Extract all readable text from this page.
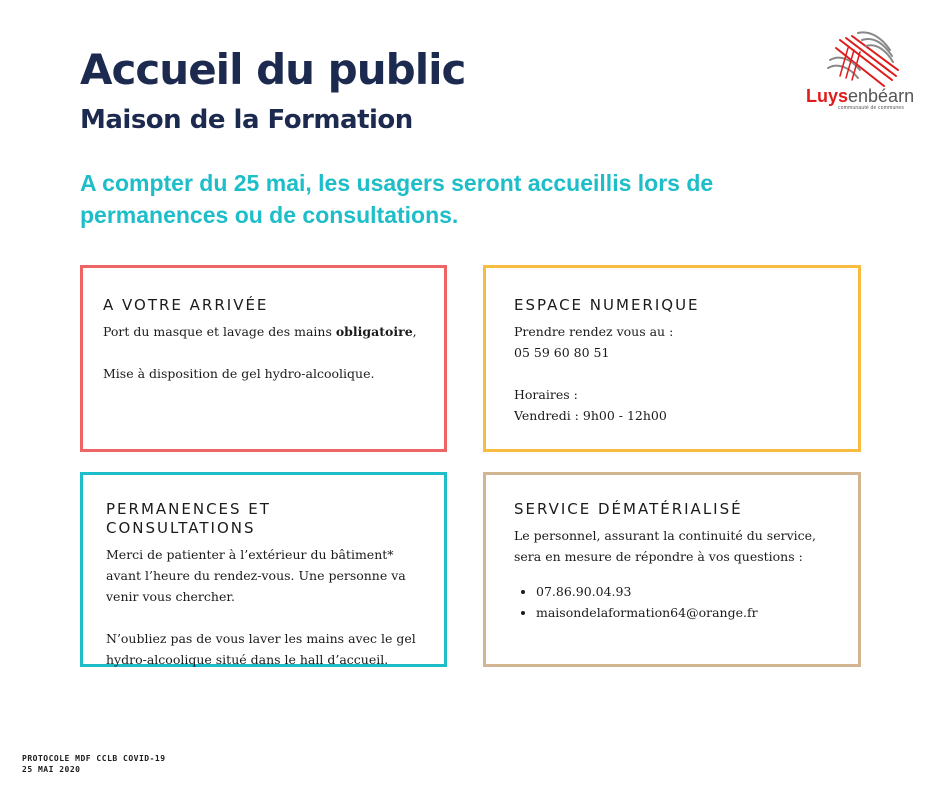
Accueil du public
Maison de la Formation
Luysenbéarn
communauté de communes
A compter du 25 mai, les usagers seront accueillis lors de permanences ou de consultations.
A VOTRE ARRIVÉE

Port du masque et lavage des mains obligatoire,

Mise à disposition de gel hydro-alcoolique.

ESPACE NUMERIQUE

Prendre rendez vous au :

05 59 60 80 51

Horaires :

Vendredi : 9h00 - 12h00

PERMANENCES ET CONSULTATIONS

Merci de patienter à l’extérieur du bâtiment* avant l’heure du rendez-vous. Une personne va venir vous chercher.

N’oubliez pas de vous laver les mains avec le gel hydro-alcoolique situé dans le hall d’accueil.

SERVICE DÉMATÉRIALISÉ

Le personnel, assurant la continuité du service, sera en mesure de répondre à vos questions :

• 07.86.90.04.93
• maisondelaformation64@orange.fr
PROTOCOLE MDF CCLB COVID-19
25 MAI 2020
